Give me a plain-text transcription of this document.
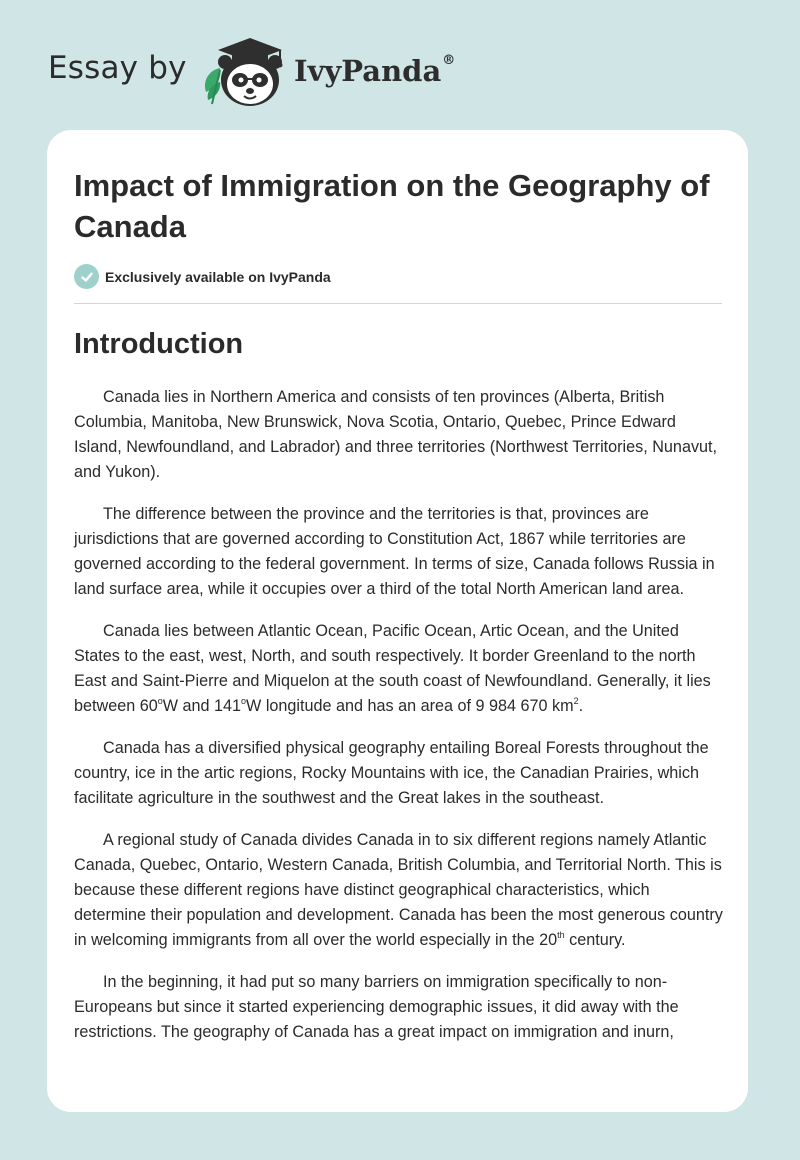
Essay by	IvyPanda®
Impact of Immigration on the Geography of Canada
Exclusively available on IvyPanda
Introduction

Canada lies in Northern America and consists of ten provinces (Alberta, British Columbia, Manitoba, New Brunswick, Nova Scotia, Ontario, Quebec, Prince Edward Island, Newfoundland, and Labrador) and three territories (Northwest Territories, Nunavut, and Yukon).

The difference between the province and the territories is that, provinces are jurisdictions that are governed according to Constitution Act, 1867 while territories are governed according to the federal government. In terms of size, Canada follows Russia in land surface area, while it occupies over a third of the total North American land area.

Canada lies between Atlantic Ocean, Pacific Ocean, Artic Ocean, and the United States to the east, west, North, and south respectively. It border Greenland to the north East and Saint-Pierre and Miquelon at the south coast of Newfoundland. Generally, it lies between 60$^o$W and 141$^o$W longitude and has an area of 9 984 670 $km^2$.

Canada has a diversified physical geography entailing Boreal Forests throughout the country, ice in the artic regions, Rocky Mountains with ice, the Canadian Prairies, which facilitate agriculture in the southwest and the Great lakes in the southeast.

A regional study of Canada divides Canada in to six different regions namely Atlantic Canada, Quebec, Ontario, Western Canada, British Columbia, and Territorial North. This is because these different regions have distinct geographical characteristics, which determine their population and development. Canada has been the most generous country in welcoming immigrants from all over the world especially in the 20th century.

In the beginning, it had put so many barriers on immigration specifically to non-Europeans but since it started experiencing demographic issues, it did away with the restrictions. The geography of Canada has a great impact on immigration and inurn,
